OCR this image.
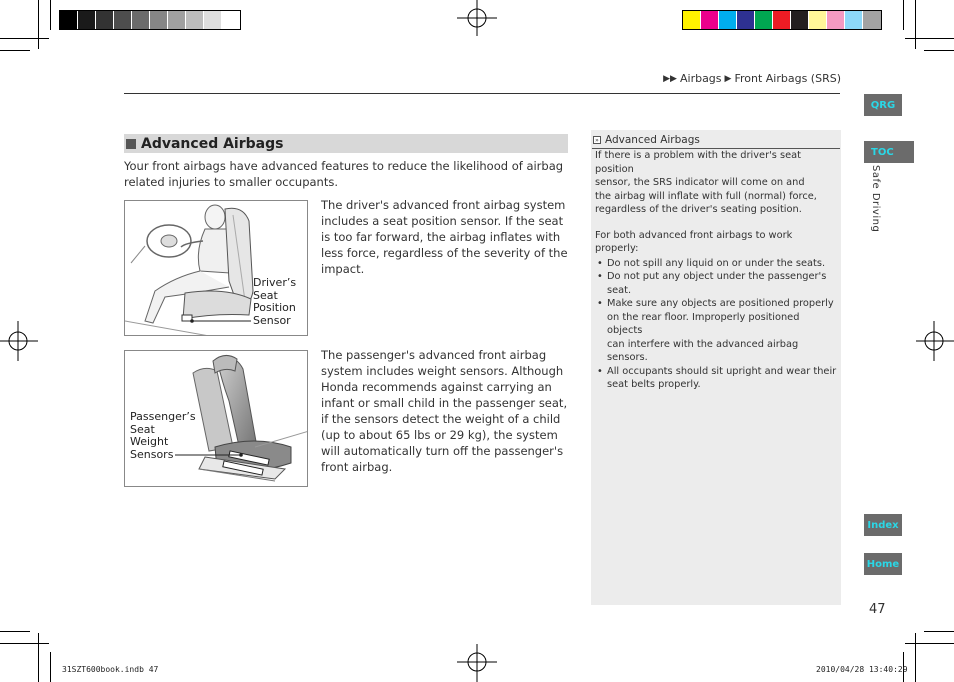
▶▶ Airbags ▶ Front Airbags (SRS)
QRG
TOC
Safe Driving
Index
Home
47
Advanced Airbags
Your front airbags have advanced features to reduce the likelihood of airbag related injuries to smaller occupants.
Driver’s
Seat
Position
Sensor
The driver's advanced front airbag system includes a seat position sensor. If the seat is too far forward, the airbag inflates with less force, regardless of the severity of the impact.
Passenger’s
Seat
Weight
Sensors
The passenger's advanced front airbag system includes weight sensors. Although Honda recommends against carrying an infant or small child in the passenger seat, if the sensors detect the weight of a child (up to about 65 lbs or 29 kg), the system will automatically turn off the passenger's front airbag.
» Advanced Airbags

If there is a problem with the driver's seat position
sensor, the SRS indicator will come on and
the airbag will inflate with full (normal) force,
regardless of the driver's seating position.

For both advanced front airbags to work properly:
• Do not spill any liquid on or under the seats.
• Do not put any object under the passenger's
seat.
• Make sure any objects are positioned properly
on the rear floor. Improperly positioned objects
can interfere with the advanced airbag sensors.
• All occupants should sit upright and wear their
seat belts properly.
31SZT600book.indb 47	2010/04/28 13:40:29
